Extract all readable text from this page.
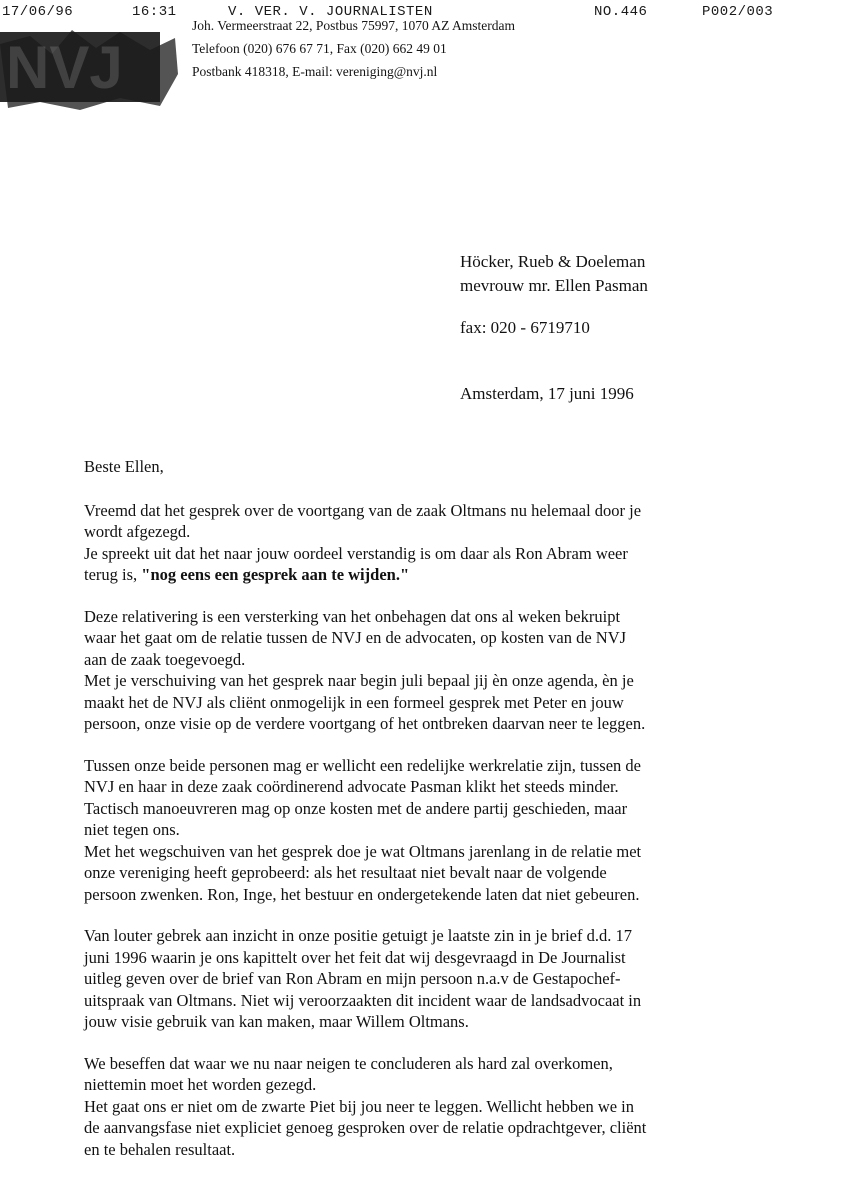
17/06/96	16:31	V. VER. V. JOURNALISTEN	NO.446	P002/003
NVJ
Joh. Vermeerstraat 22, Postbus 75997, 1070 AZ Amsterdam
Telefoon (020) 676 67 71, Fax (020) 662 49 01
Postbank 418318, E-mail: vereniging@nvj.nl
Höcker, Rueb & Doeleman
mevrouw mr. Ellen Pasman
fax: 020 - 6719710
Amsterdam, 17 juni 1996
Beste Ellen,
Vreemd dat het gesprek over de voortgang van de zaak Oltmans nu helemaal door je
wordt afgezegd.
Je spreekt uit dat het naar jouw oordeel verstandig is om daar als Ron Abram weer
terug is, "nog eens een gesprek aan te wijden."
Deze relativering is een versterking van het onbehagen dat ons al weken bekruipt
waar het gaat om de relatie tussen de NVJ en de advocaten, op kosten van de NVJ
aan de zaak toegevoegd.
Met je verschuiving van het gesprek naar begin juli bepaal jij èn onze agenda, èn je
maakt het de NVJ als cliënt onmogelijk in een formeel gesprek met Peter en jouw
persoon, onze visie op de verdere voortgang of het ontbreken daarvan neer te leggen.
Tussen onze beide personen mag er wellicht een redelijke werkrelatie zijn, tussen de
NVJ en haar in deze zaak coördinerend advocate Pasman klikt het steeds minder.
Tactisch manoeuvreren mag op onze kosten met de andere partij geschieden, maar
niet tegen ons.
Met het wegschuiven van het gesprek doe je wat Oltmans jarenlang in de relatie met
onze vereniging heeft geprobeerd: als het resultaat niet bevalt naar de volgende
persoon zwenken. Ron, Inge, het bestuur en ondergetekende laten dat niet gebeuren.
Van louter gebrek aan inzicht in onze positie getuigt je laatste zin in je brief d.d. 17
juni 1996 waarin je ons kapittelt over het feit dat wij desgevraagd in De Journalist
uitleg geven over de brief van Ron Abram en mijn persoon n.a.v de Gestapochef-
uitspraak van Oltmans. Niet wij veroorzaakten dit incident waar de landsadvocaat in
jouw visie gebruik van kan maken, maar Willem Oltmans.
We beseffen dat waar we nu naar neigen te concluderen als hard zal overkomen,
niettemin moet het worden gezegd.
Het gaat ons er niet om de zwarte Piet bij jou neer te leggen. Wellicht hebben we in
de aanvangsfase niet expliciet genoeg gesproken over de relatie opdrachtgever, cliënt
en te behalen resultaat.
